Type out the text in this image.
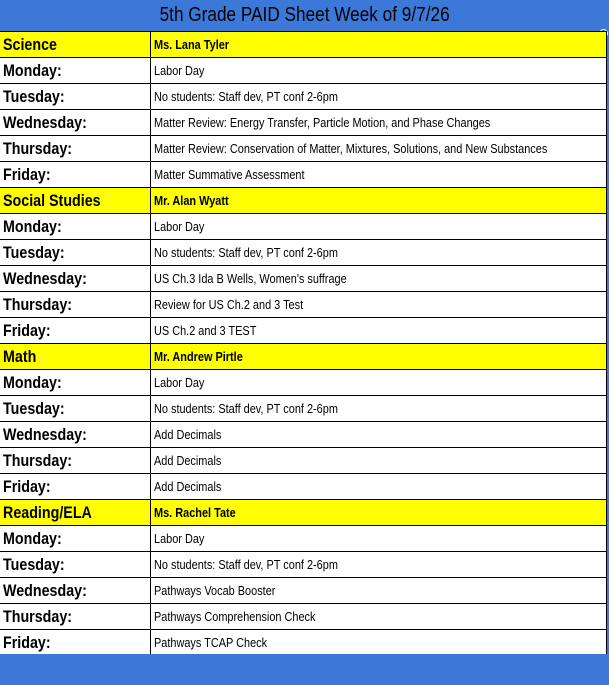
5th Grade PAID Sheet Week of 9/7/26
Science	Ms. Lana Tyler
Monday:	Labor Day
Tuesday:	No students: Staff dev, PT conf 2-6pm
Wednesday:	Matter Review: Energy Transfer, Particle Motion, and Phase Changes
Thursday:	Matter Review: Conservation of Matter, Mixtures, Solutions, and New Substances
Friday:	Matter Summative Assessment
Social Studies	Mr. Alan Wyatt
Monday:	Labor Day
Tuesday:	No students: Staff dev, PT conf 2-6pm
Wednesday:	US Ch.3 Ida B Wells, Women's suffrage
Thursday:	Review for US Ch.2 and 3 Test
Friday:	US Ch.2 and 3 TEST
Math	Mr. Andrew Pirtle
Monday:	Labor Day
Tuesday:	No students: Staff dev, PT conf 2-6pm
Wednesday:	Add Decimals
Thursday:	Add Decimals
Friday:	Add Decimals
Reading/ELA	Ms. Rachel Tate
Monday:	Labor Day
Tuesday:	No students: Staff dev, PT conf 2-6pm
Wednesday:	Pathways Vocab Booster
Thursday:	Pathways Comprehension Check
Friday:	Pathways TCAP Check
